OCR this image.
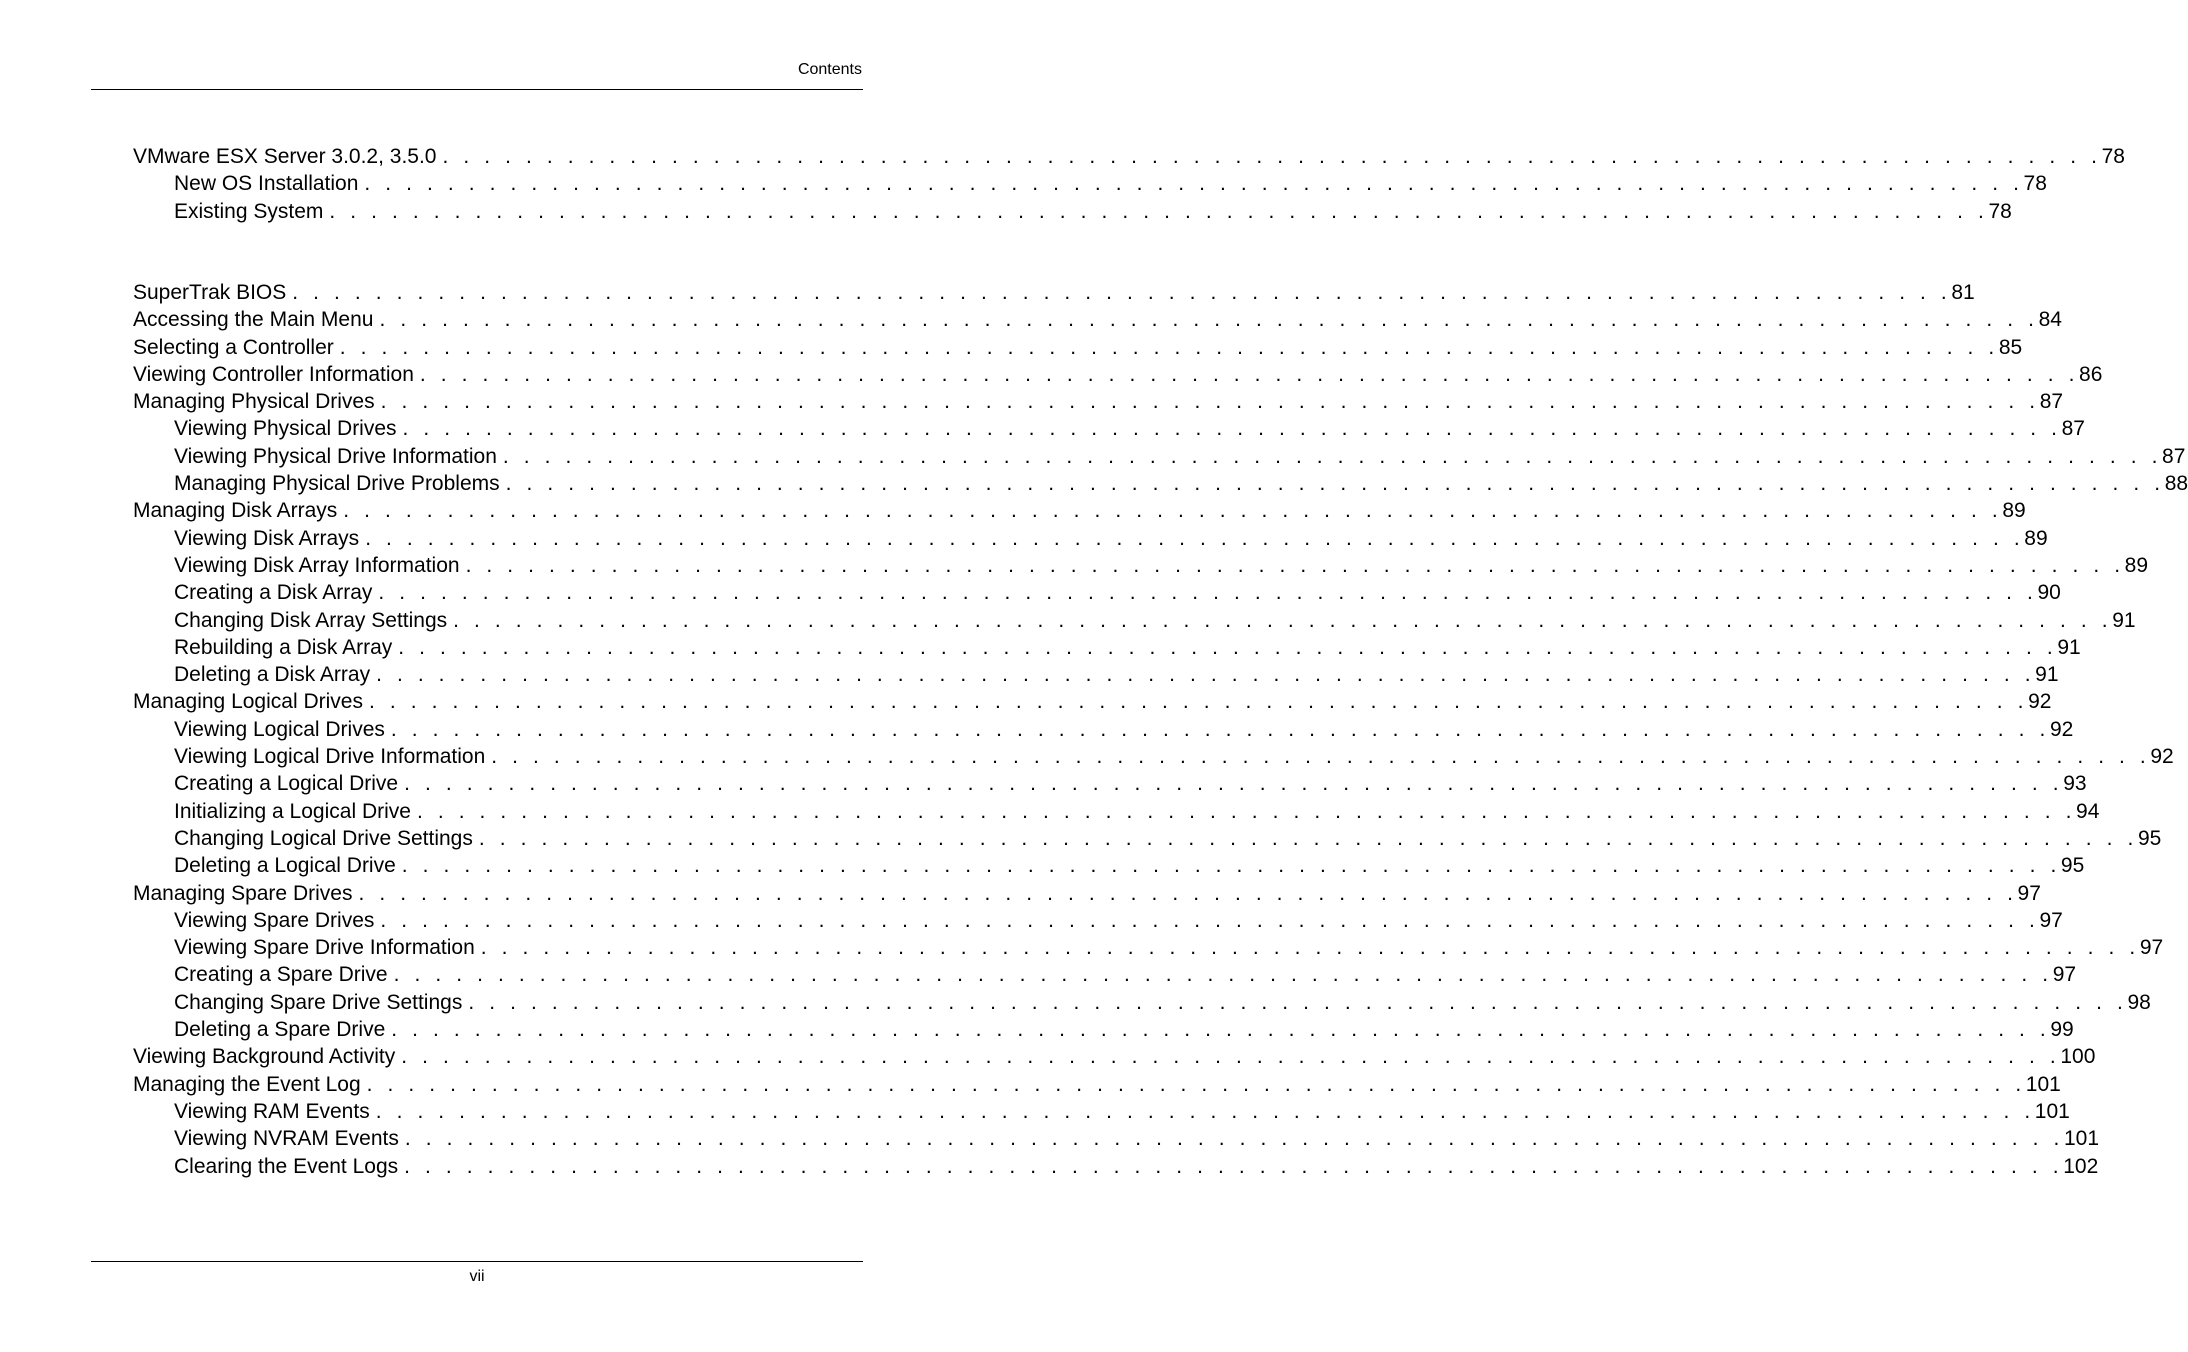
Contents
VMware ESX Server 3.0.2, 3.5.0 . . . . . . . . . . . . . . . . . . . . . . . . . . . . . . . . . . . . . . . . . . . . . . . . . . . . . . . . . . . . . . . . . . . . . . . . . . . . . . . . 78
New OS Installation . . . . . . . . . . . . . . . . . . . . . . . . . . . . . . . . . . . . . . . . . . . . . . . . . . . . . . . . . . . . . . . . . . . . . . . . . . . . . . . . 78
Existing System . . . . . . . . . . . . . . . . . . . . . . . . . . . . . . . . . . . . . . . . . . . . . . . . . . . . . . . . . . . . . . . . . . . . . . . . . . . . . . . . 78
SuperTrak BIOS . . . . . . . . . . . . . . . . . . . . . . . . . . . . . . . . . . . . . . . . . . . . . . . . . . . . . . . . . . . . . . . . . . . . . . . . . . . . . . . . 81
Accessing the Main Menu . . . . . . . . . . . . . . . . . . . . . . . . . . . . . . . . . . . . . . . . . . . . . . . . . . . . . . . . . . . . . . . . . . . . . . . . . . . . . . . . 84
Selecting a Controller . . . . . . . . . . . . . . . . . . . . . . . . . . . . . . . . . . . . . . . . . . . . . . . . . . . . . . . . . . . . . . . . . . . . . . . . . . . . . . . . 85
Viewing Controller Information . . . . . . . . . . . . . . . . . . . . . . . . . . . . . . . . . . . . . . . . . . . . . . . . . . . . . . . . . . . . . . . . . . . . . . . . . . . . . . . . 86
Managing Physical Drives . . . . . . . . . . . . . . . . . . . . . . . . . . . . . . . . . . . . . . . . . . . . . . . . . . . . . . . . . . . . . . . . . . . . . . . . . . . . . . . . 87
Viewing Physical Drives . . . . . . . . . . . . . . . . . . . . . . . . . . . . . . . . . . . . . . . . . . . . . . . . . . . . . . . . . . . . . . . . . . . . . . . . . . . . . . . . 87
Viewing Physical Drive Information . . . . . . . . . . . . . . . . . . . . . . . . . . . . . . . . . . . . . . . . . . . . . . . . . . . . . . . . . . . . . . . . . . . . . . . . . . . . . . . . 87
Managing Physical Drive Problems . . . . . . . . . . . . . . . . . . . . . . . . . . . . . . . . . . . . . . . . . . . . . . . . . . . . . . . . . . . . . . . . . . . . . . . . . . . . . . . . 88
Managing Disk Arrays . . . . . . . . . . . . . . . . . . . . . . . . . . . . . . . . . . . . . . . . . . . . . . . . . . . . . . . . . . . . . . . . . . . . . . . . . . . . . . . . 89
Viewing Disk Arrays . . . . . . . . . . . . . . . . . . . . . . . . . . . . . . . . . . . . . . . . . . . . . . . . . . . . . . . . . . . . . . . . . . . . . . . . . . . . . . . . 89
Viewing Disk Array Information . . . . . . . . . . . . . . . . . . . . . . . . . . . . . . . . . . . . . . . . . . . . . . . . . . . . . . . . . . . . . . . . . . . . . . . . . . . . . . . . 89
Creating a Disk Array . . . . . . . . . . . . . . . . . . . . . . . . . . . . . . . . . . . . . . . . . . . . . . . . . . . . . . . . . . . . . . . . . . . . . . . . . . . . . . . . 90
Changing Disk Array Settings . . . . . . . . . . . . . . . . . . . . . . . . . . . . . . . . . . . . . . . . . . . . . . . . . . . . . . . . . . . . . . . . . . . . . . . . . . . . . . . . 91
Rebuilding a Disk Array . . . . . . . . . . . . . . . . . . . . . . . . . . . . . . . . . . . . . . . . . . . . . . . . . . . . . . . . . . . . . . . . . . . . . . . . . . . . . . . . 91
Deleting a Disk Array . . . . . . . . . . . . . . . . . . . . . . . . . . . . . . . . . . . . . . . . . . . . . . . . . . . . . . . . . . . . . . . . . . . . . . . . . . . . . . . . 91
Managing Logical Drives . . . . . . . . . . . . . . . . . . . . . . . . . . . . . . . . . . . . . . . . . . . . . . . . . . . . . . . . . . . . . . . . . . . . . . . . . . . . . . . . 92
Viewing Logical Drives . . . . . . . . . . . . . . . . . . . . . . . . . . . . . . . . . . . . . . . . . . . . . . . . . . . . . . . . . . . . . . . . . . . . . . . . . . . . . . . . 92
Viewing Logical Drive Information . . . . . . . . . . . . . . . . . . . . . . . . . . . . . . . . . . . . . . . . . . . . . . . . . . . . . . . . . . . . . . . . . . . . . . . . . . . . . . . . 92
Creating a Logical Drive . . . . . . . . . . . . . . . . . . . . . . . . . . . . . . . . . . . . . . . . . . . . . . . . . . . . . . . . . . . . . . . . . . . . . . . . . . . . . . . . 93
Initializing a Logical Drive . . . . . . . . . . . . . . . . . . . . . . . . . . . . . . . . . . . . . . . . . . . . . . . . . . . . . . . . . . . . . . . . . . . . . . . . . . . . . . . . 94
Changing Logical Drive Settings . . . . . . . . . . . . . . . . . . . . . . . . . . . . . . . . . . . . . . . . . . . . . . . . . . . . . . . . . . . . . . . . . . . . . . . . . . . . . . . . 95
Deleting a Logical Drive . . . . . . . . . . . . . . . . . . . . . . . . . . . . . . . . . . . . . . . . . . . . . . . . . . . . . . . . . . . . . . . . . . . . . . . . . . . . . . . . 95
Managing Spare Drives . . . . . . . . . . . . . . . . . . . . . . . . . . . . . . . . . . . . . . . . . . . . . . . . . . . . . . . . . . . . . . . . . . . . . . . . . . . . . . . . 97
Viewing Spare Drives . . . . . . . . . . . . . . . . . . . . . . . . . . . . . . . . . . . . . . . . . . . . . . . . . . . . . . . . . . . . . . . . . . . . . . . . . . . . . . . . 97
Viewing Spare Drive Information . . . . . . . . . . . . . . . . . . . . . . . . . . . . . . . . . . . . . . . . . . . . . . . . . . . . . . . . . . . . . . . . . . . . . . . . . . . . . . . . 97
Creating a Spare Drive . . . . . . . . . . . . . . . . . . . . . . . . . . . . . . . . . . . . . . . . . . . . . . . . . . . . . . . . . . . . . . . . . . . . . . . . . . . . . . . . 97
Changing Spare Drive Settings . . . . . . . . . . . . . . . . . . . . . . . . . . . . . . . . . . . . . . . . . . . . . . . . . . . . . . . . . . . . . . . . . . . . . . . . . . . . . . . . 98
Deleting a Spare Drive . . . . . . . . . . . . . . . . . . . . . . . . . . . . . . . . . . . . . . . . . . . . . . . . . . . . . . . . . . . . . . . . . . . . . . . . . . . . . . . . 99
Viewing Background Activity . . . . . . . . . . . . . . . . . . . . . . . . . . . . . . . . . . . . . . . . . . . . . . . . . . . . . . . . . . . . . . . . . . . . . . . . . . . . . . . . 100
Managing the Event Log . . . . . . . . . . . . . . . . . . . . . . . . . . . . . . . . . . . . . . . . . . . . . . . . . . . . . . . . . . . . . . . . . . . . . . . . . . . . . . . . 101
Viewing RAM Events . . . . . . . . . . . . . . . . . . . . . . . . . . . . . . . . . . . . . . . . . . . . . . . . . . . . . . . . . . . . . . . . . . . . . . . . . . . . . . . . 101
Viewing NVRAM Events . . . . . . . . . . . . . . . . . . . . . . . . . . . . . . . . . . . . . . . . . . . . . . . . . . . . . . . . . . . . . . . . . . . . . . . . . . . . . . . . 101
Clearing the Event Logs . . . . . . . . . . . . . . . . . . . . . . . . . . . . . . . . . . . . . . . . . . . . . . . . . . . . . . . . . . . . . . . . . . . . . . . . . . . . . . . . 102
vii
